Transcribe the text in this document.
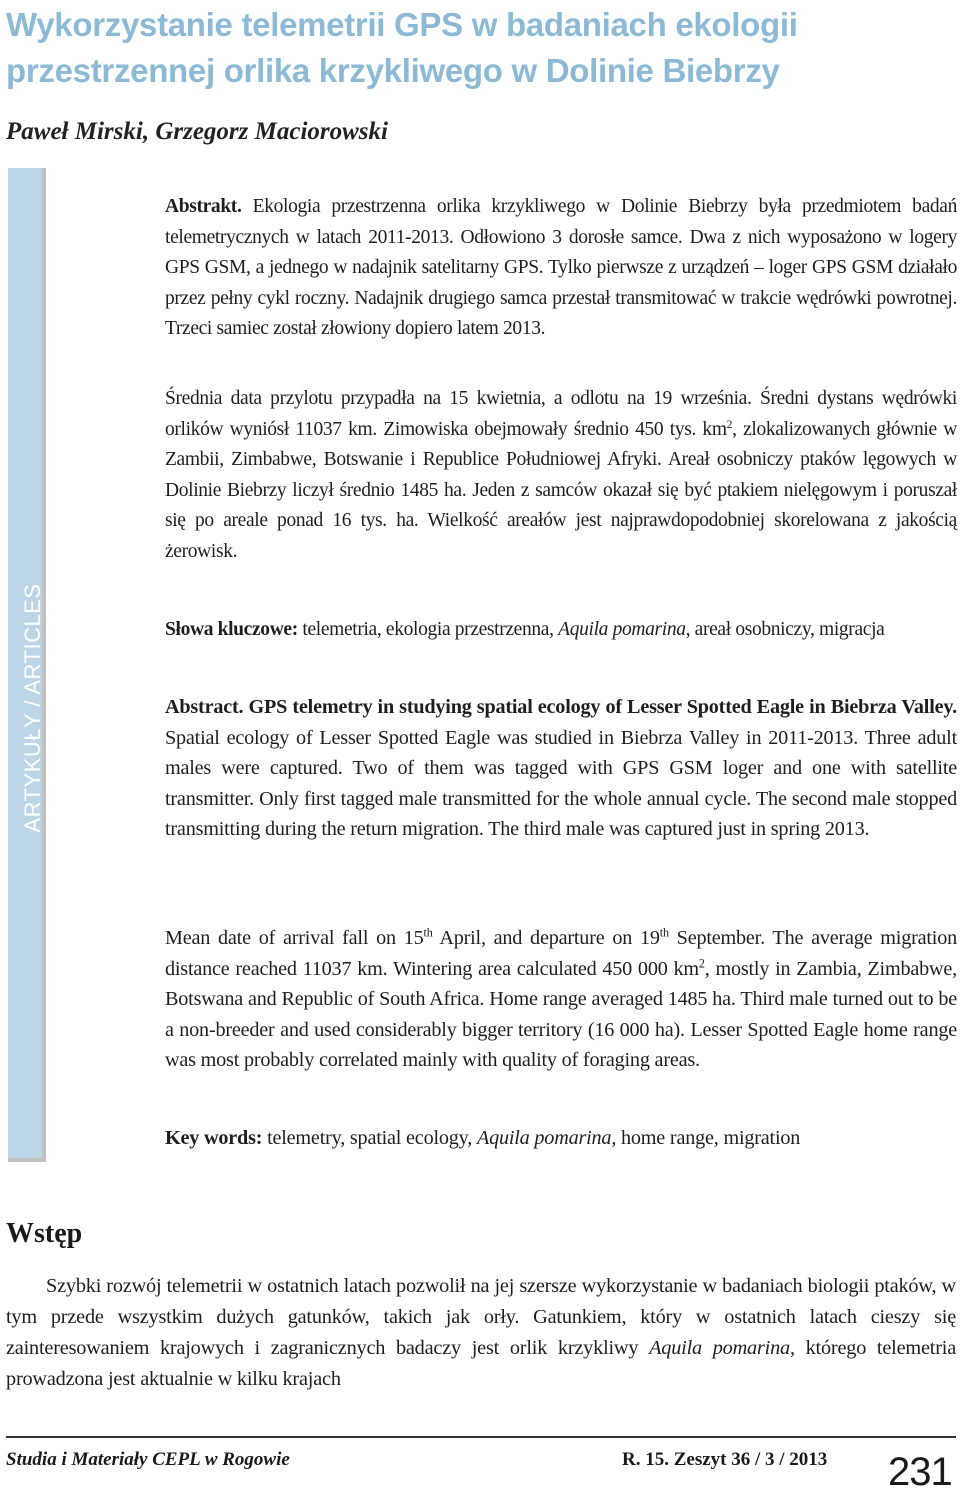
Wykorzystanie telemetrii GPS w badaniach ekologii przestrzennej orlika krzykliwego w Dolinie Biebrzy

Paweł Mirski, Grzegorz Maciorowski

ARTYKUŁY / ARTICLES

Abstrakt. Ekologia przestrzenna orlika krzykliwego w Dolinie Biebrzy była przedmiotem badań telemetrycznych w latach 2011-2013. Odłowiono 3 dorosłe samce. Dwa z nich wyposażono w logery GPS GSM, a jednego w nadajnik satelitarny GPS. Tylko pierwsze z urządzeń – loger GPS GSM działało przez pełny cykl roczny. Nadajnik drugiego samca przestał transmitować w trakcie wędrówki powrotnej. Trzeci samiec został złowiony dopiero latem 2013.

Średnia data przylotu przypadła na 15 kwietnia, a odlotu na 19 września. Średni dystans wędrówki orlików wyniósł 11037 km. Zimowiska obejmowały średnio 450 tys. $km^2$, zlokalizowanych głównie w Zambii, Zimbabwe, Botswanie i Republice Południowej Afryki. Areał osobniczy ptaków lęgowych w Dolinie Biebrzy liczył średnio 1485 ha. Jeden z samców okazał się być ptakiem nielęgowym i poruszał się po areale ponad 16 tys. ha. Wielkość areałów jest najprawdopodobniej skorelowana z jakością żerowisk.

Słowa kluczowe: telemetria, ekologia przestrzenna, Aquila pomarina, areał osobniczy, migracja

Abstract. GPS telemetry in studying spatial ecology of Lesser Spotted Eagle in Biebrza Valley. Spatial ecology of Lesser Spotted Eagle was studied in Biebrza Valley in 2011-2013. Three adult males were captured. Two of them was tagged with GPS GSM loger and one with satellite transmitter. Only first tagged male transmitted for the whole annual cycle. The second male stopped transmitting during the return migration. The third male was captured just in spring 2013.

Mean date of arrival fall on 15th April, and departure on 19th September. The average migration distance reached 11037 km. Wintering area calculated 450 000 $km^2$, mostly in Zambia, Zimbabwe, Botswana and Republic of South Africa. Home range averaged 1485 ha. Third male turned out to be a non-breeder and used considerably bigger territory (16 000 ha). Lesser Spotted Eagle home range was most probably correlated mainly with quality of foraging areas.

Key words: telemetry, spatial ecology, Aquila pomarina, home range, migration

Wstęp

Szybki rozwój telemetrii w ostatnich latach pozwolił na jej szersze wykorzystanie w badaniach biologii ptaków, w tym przede wszystkim dużych gatunków, takich jak orły. Gatunkiem, który w ostatnich latach cieszy się zainteresowaniem krajowych i zagranicznych badaczy jest orlik krzykliwy Aquila pomarina, którego telemetria prowadzona jest aktualnie w kilku krajach

Studia i Materiały CEPL w Rogowie	R. 15. Zeszyt 36 / 3 / 2013 231
